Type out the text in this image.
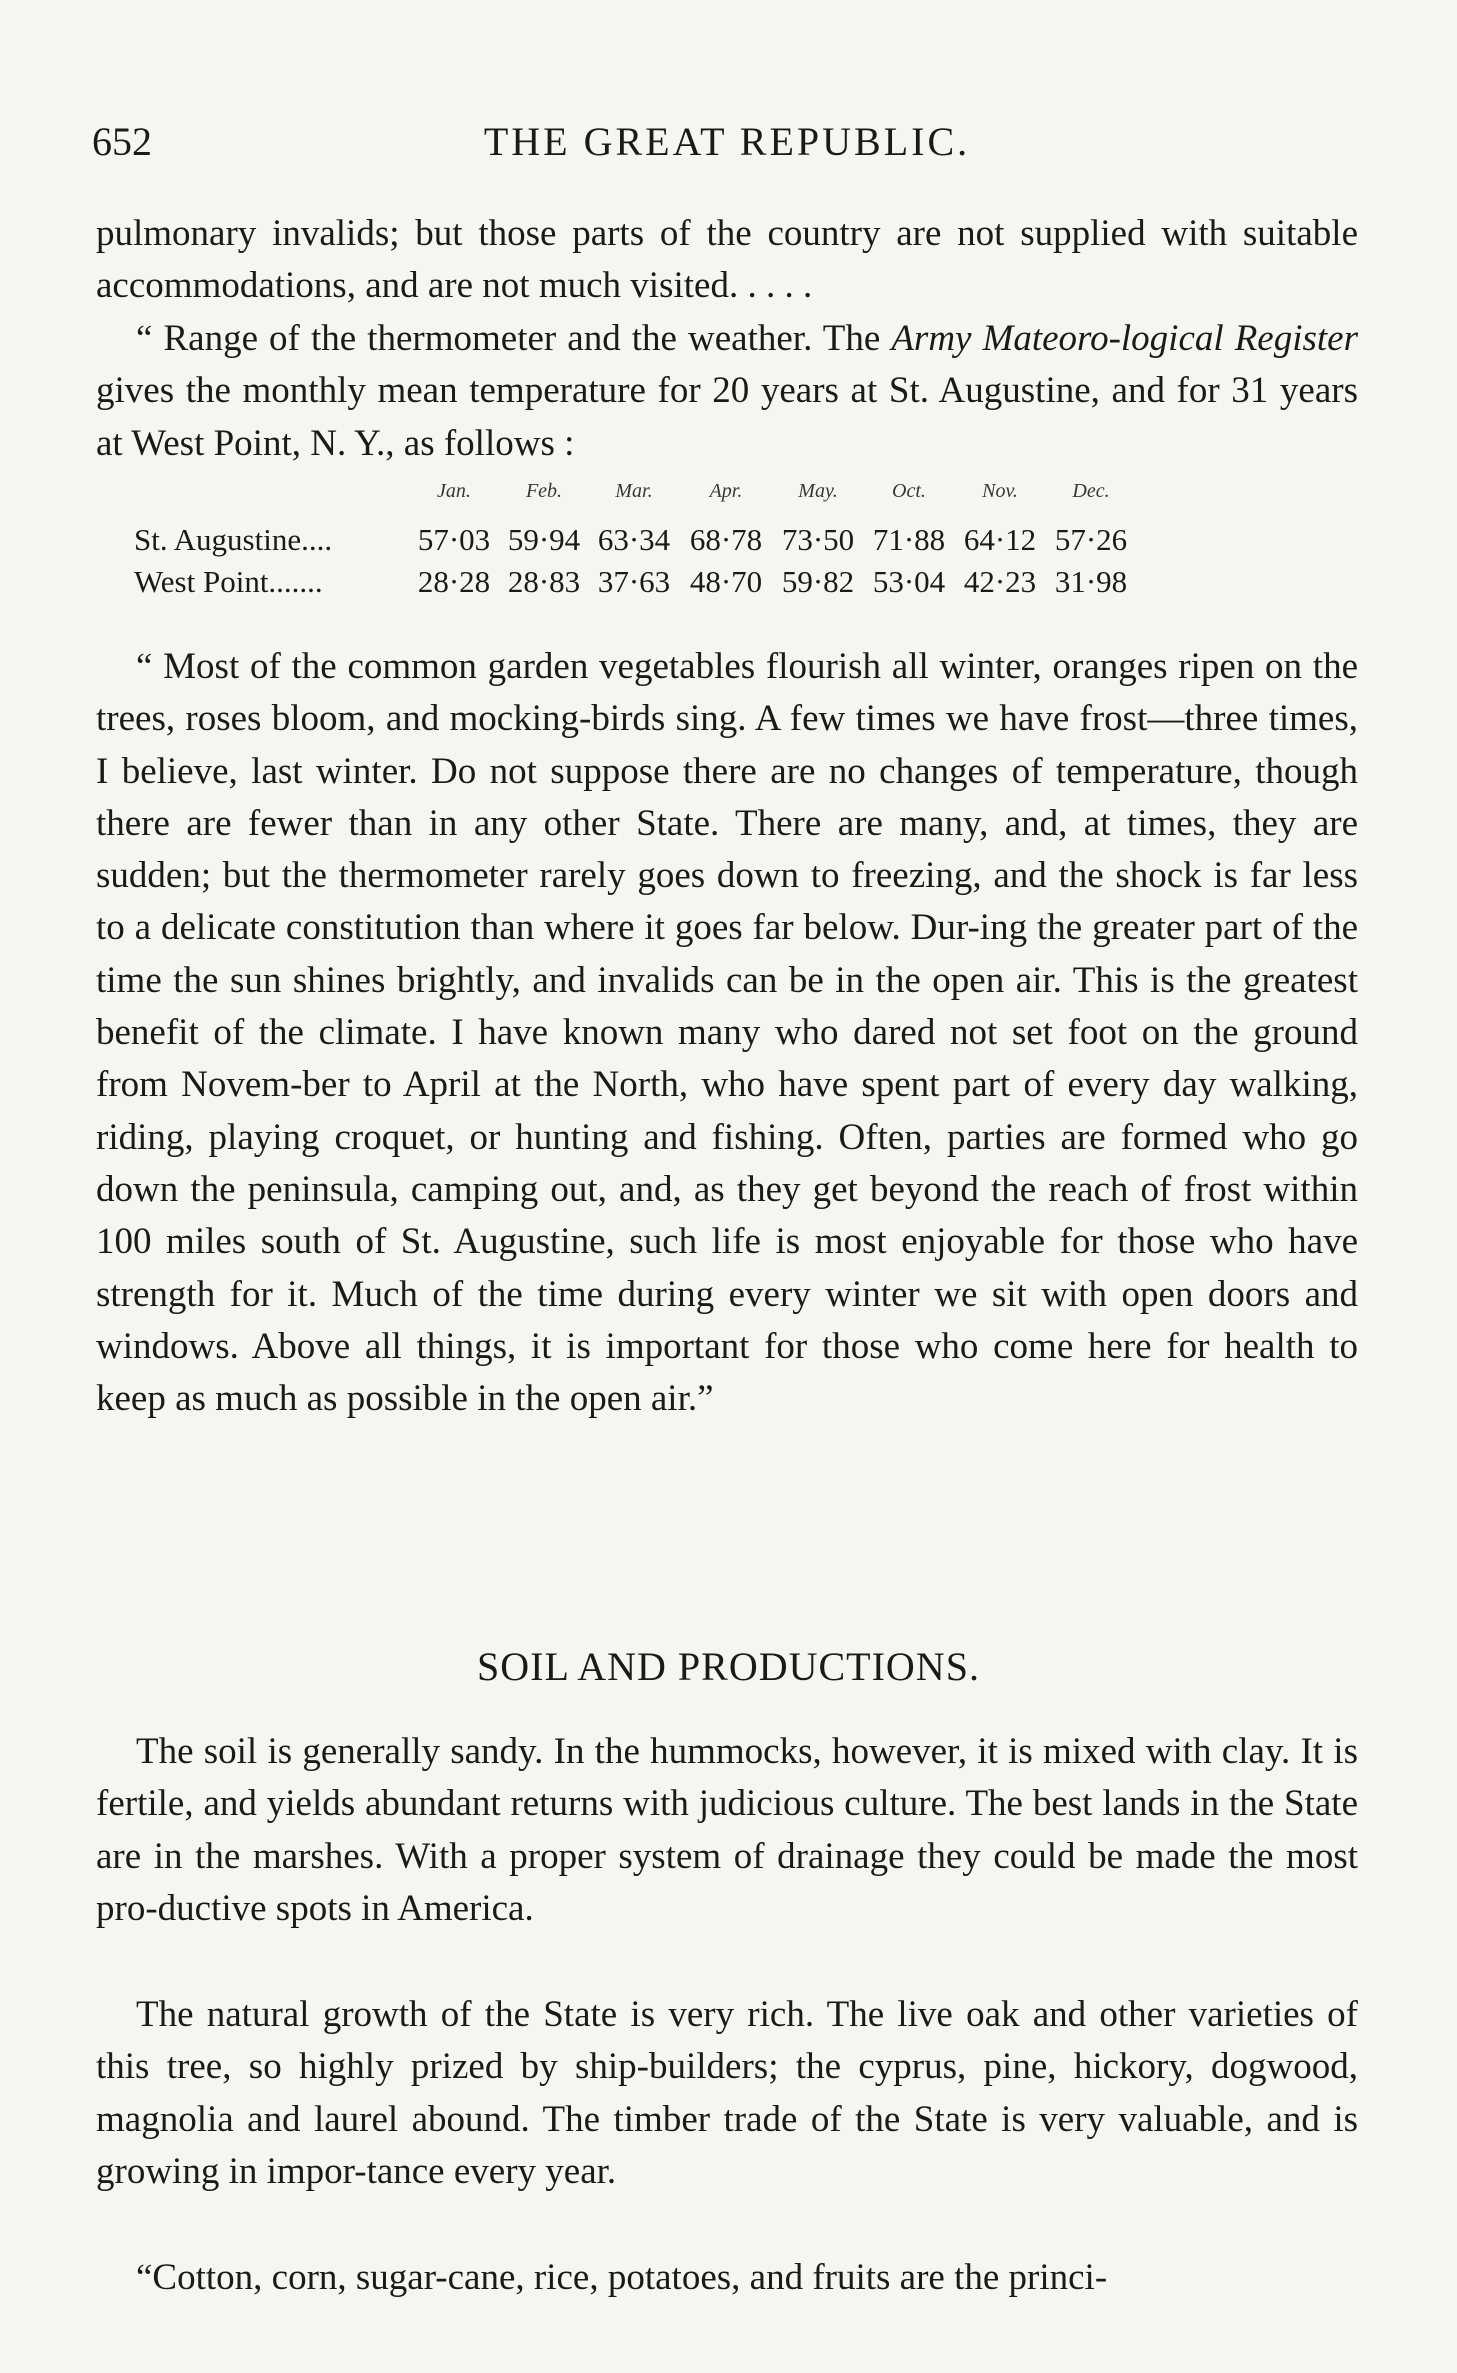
652	THE GREAT REPUBLIC.

pulmonary invalids; but those parts of the country are not supplied with suitable accommodations, and are not much visited. . . . .

“ Range of the thermometer and the weather. The Army Mateoro-logical Register gives the monthly mean temperature for 20 years at St. Augustine, and for 31 years at West Point, N. Y., as follows :

Jan.	Feb.	Mar.	Apr.	May.	Oct.	Nov.	Dec.
St. Augustine....	57·03 59·94 63·34 68·78 73·50 71·88 64·12 57·26
West Point.......	28·28 28·83 37·63 48·70 59·82 53·04 42·23 31·98

“ Most of the common garden vegetables flourish all winter, oranges ripen on the trees, roses bloom, and mocking-birds sing. A few times we have frost—three times, I believe, last winter. Do not suppose there are no changes of temperature, though there are fewer than in any other State. There are many, and, at times, they are sudden; but the thermometer rarely goes down to freezing, and the shock is far less to a delicate constitution than where it goes far below. Dur-ing the greater part of the time the sun shines brightly, and invalids can be in the open air. This is the greatest benefit of the climate. I have known many who dared not set foot on the ground from Novem-ber to April at the North, who have spent part of every day walking, riding, playing croquet, or hunting and fishing. Often, parties are formed who go down the peninsula, camping out, and, as they get beyond the reach of frost within 100 miles south of St. Augustine, such life is most enjoyable for those who have strength for it. Much of the time during every winter we sit with open doors and windows. Above all things, it is important for those who come here for health to keep as much as possible in the open air.”

SOIL AND PRODUCTIONS.

The soil is generally sandy. In the hummocks, however, it is mixed with clay. It is fertile, and yields abundant returns with judicious culture. The best lands in the State are in the marshes. With a proper system of drainage they could be made the most pro-ductive spots in America.

The natural growth of the State is very rich. The live oak and other varieties of this tree, so highly prized by ship-builders; the cyprus, pine, hickory, dogwood, magnolia and laurel abound. The timber trade of the State is very valuable, and is growing in impor-tance every year.

“Cotton, corn, sugar-cane, rice, potatoes, and fruits are the princi-
